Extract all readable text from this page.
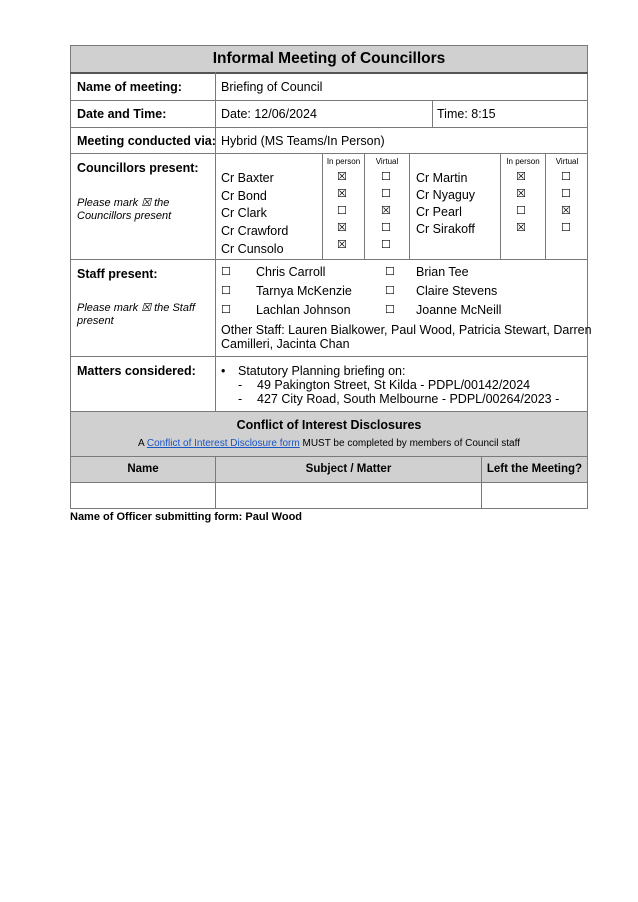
Informal Meeting of Councillors
Name of meeting:	Briefing of Council
Date and Time:	Date: 12/06/2024	Time: 8:15
Meeting conducted via: Hybrid (MS Teams/In Person)
Councillors present:
Please mark ☒ the Councillors present
In person	Virtual	In person	Virtual
Cr Baxter	☒	☐
Cr Bond	☒	☐
Cr Clark	☐	☒
Cr Crawford	☒	☐
Cr Cunsolo	☒	☐
Cr Martin	☒	☐
Cr Nyaguy	☒	☐
Cr Pearl	☐	☒
Cr Sirakoff	☒	☐
Staff present:
Please mark ☒ the Staff present
☐ Chris Carroll
☐ Tarnya McKenzie
☐ Lachlan Johnson
☐ Brian Tee
☐ Claire Stevens
☐ Joanne McNeill
Other Staff: Lauren Bialkower, Paul Wood, Patricia Stewart, Darren
Camilleri, Jacinta Chan
Matters considered: • Statutory Planning briefing on:
- 49 Pakington Street, St Kilda - PDPL/00142/2024
- 427 City Road, South Melbourne - PDPL/00264/2023 -
Conflict of Interest Disclosures
A Conflict of Interest Disclosure form MUST be completed by members of Council staff
Name	Subject / Matter	Left the Meeting?
Name of Officer submitting form: Paul Wood
